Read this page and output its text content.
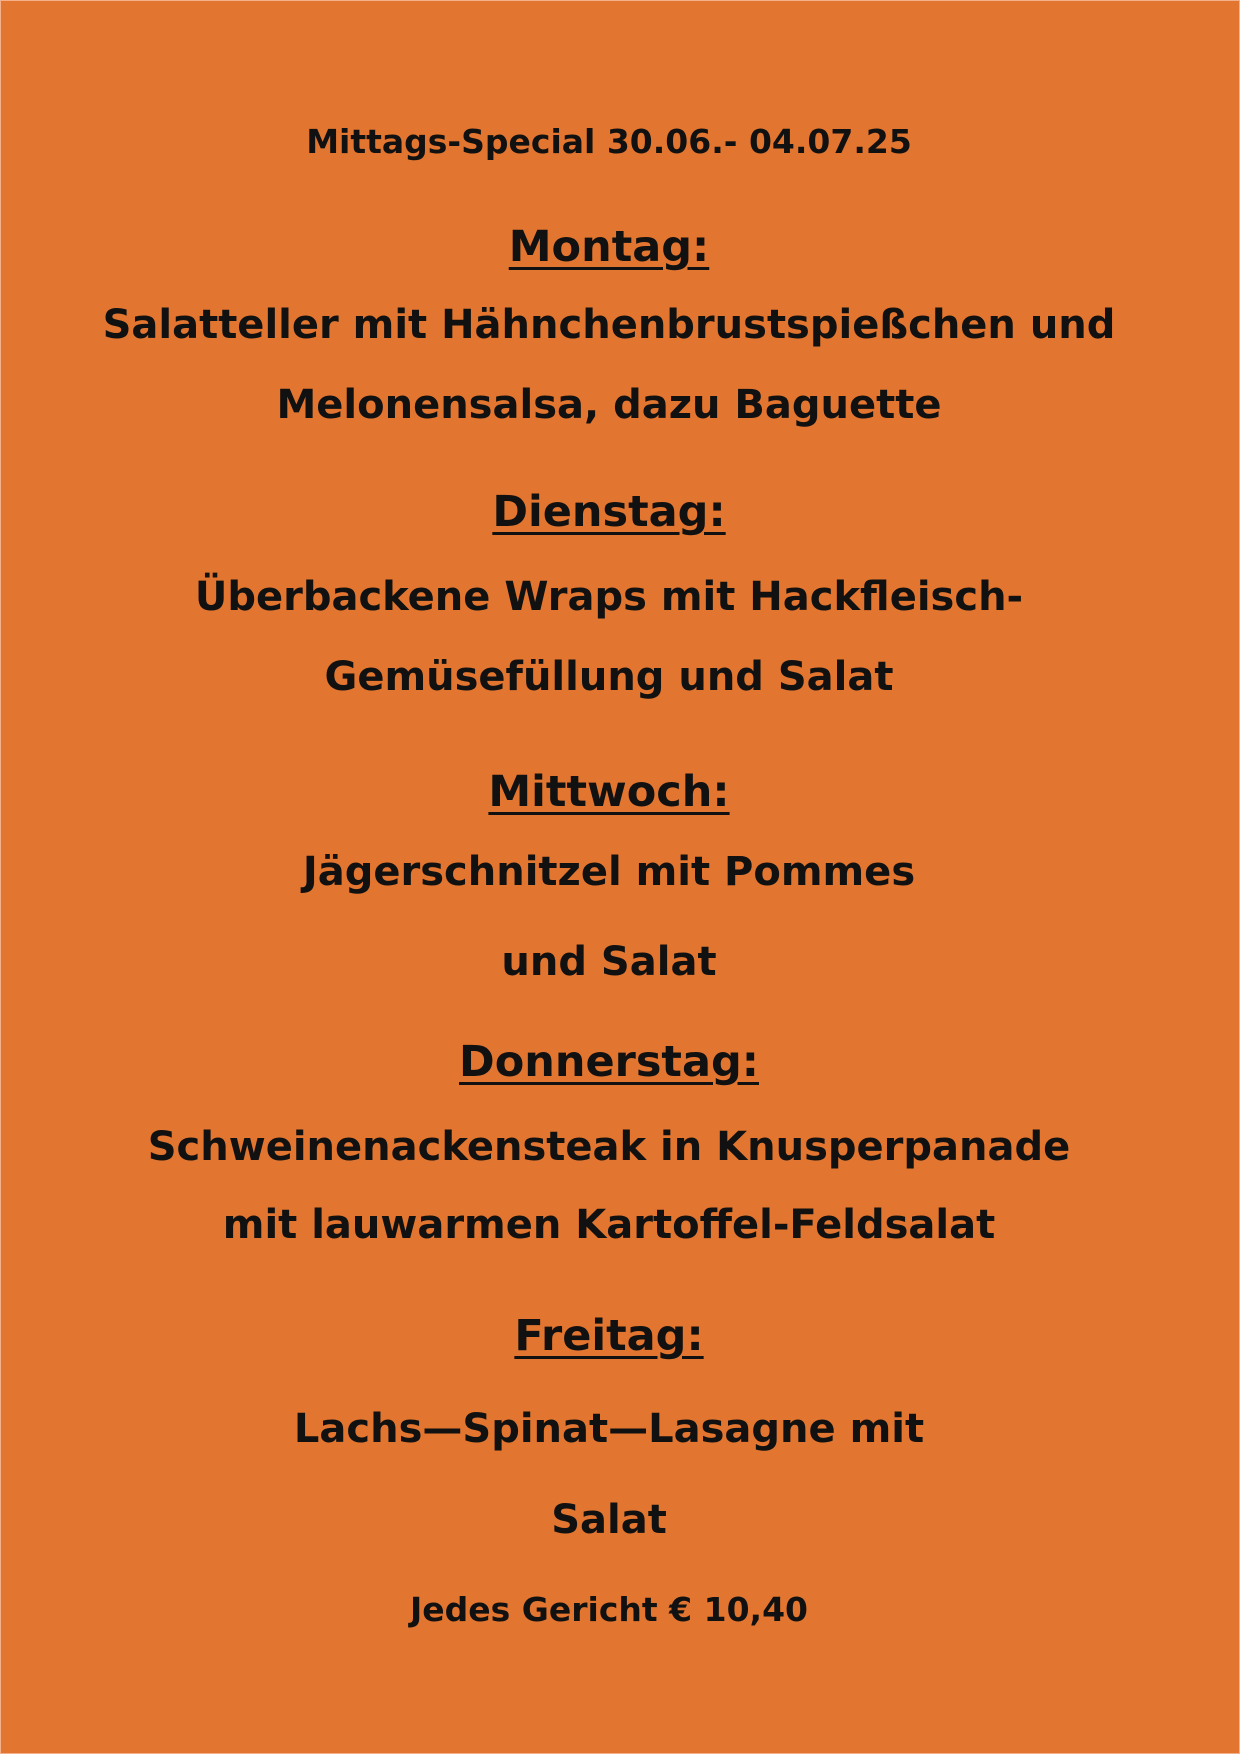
Mittags-Special 30.06.- 04.07.25
Montag:
Salatteller mit Hähnchenbrustspießchen und
Melonensalsa, dazu Baguette
Dienstag:
Überbackene Wraps mit Hackfleisch-
Gemüsefüllung und Salat
Mittwoch:
Jägerschnitzel mit Pommes
und Salat
Donnerstag:
Schweinenackensteak in Knusperpanade
mit lauwarmen Kartoffel-Feldsalat
Freitag:
Lachs—Spinat—Lasagne mit
Salat
Jedes Gericht € 10,40
